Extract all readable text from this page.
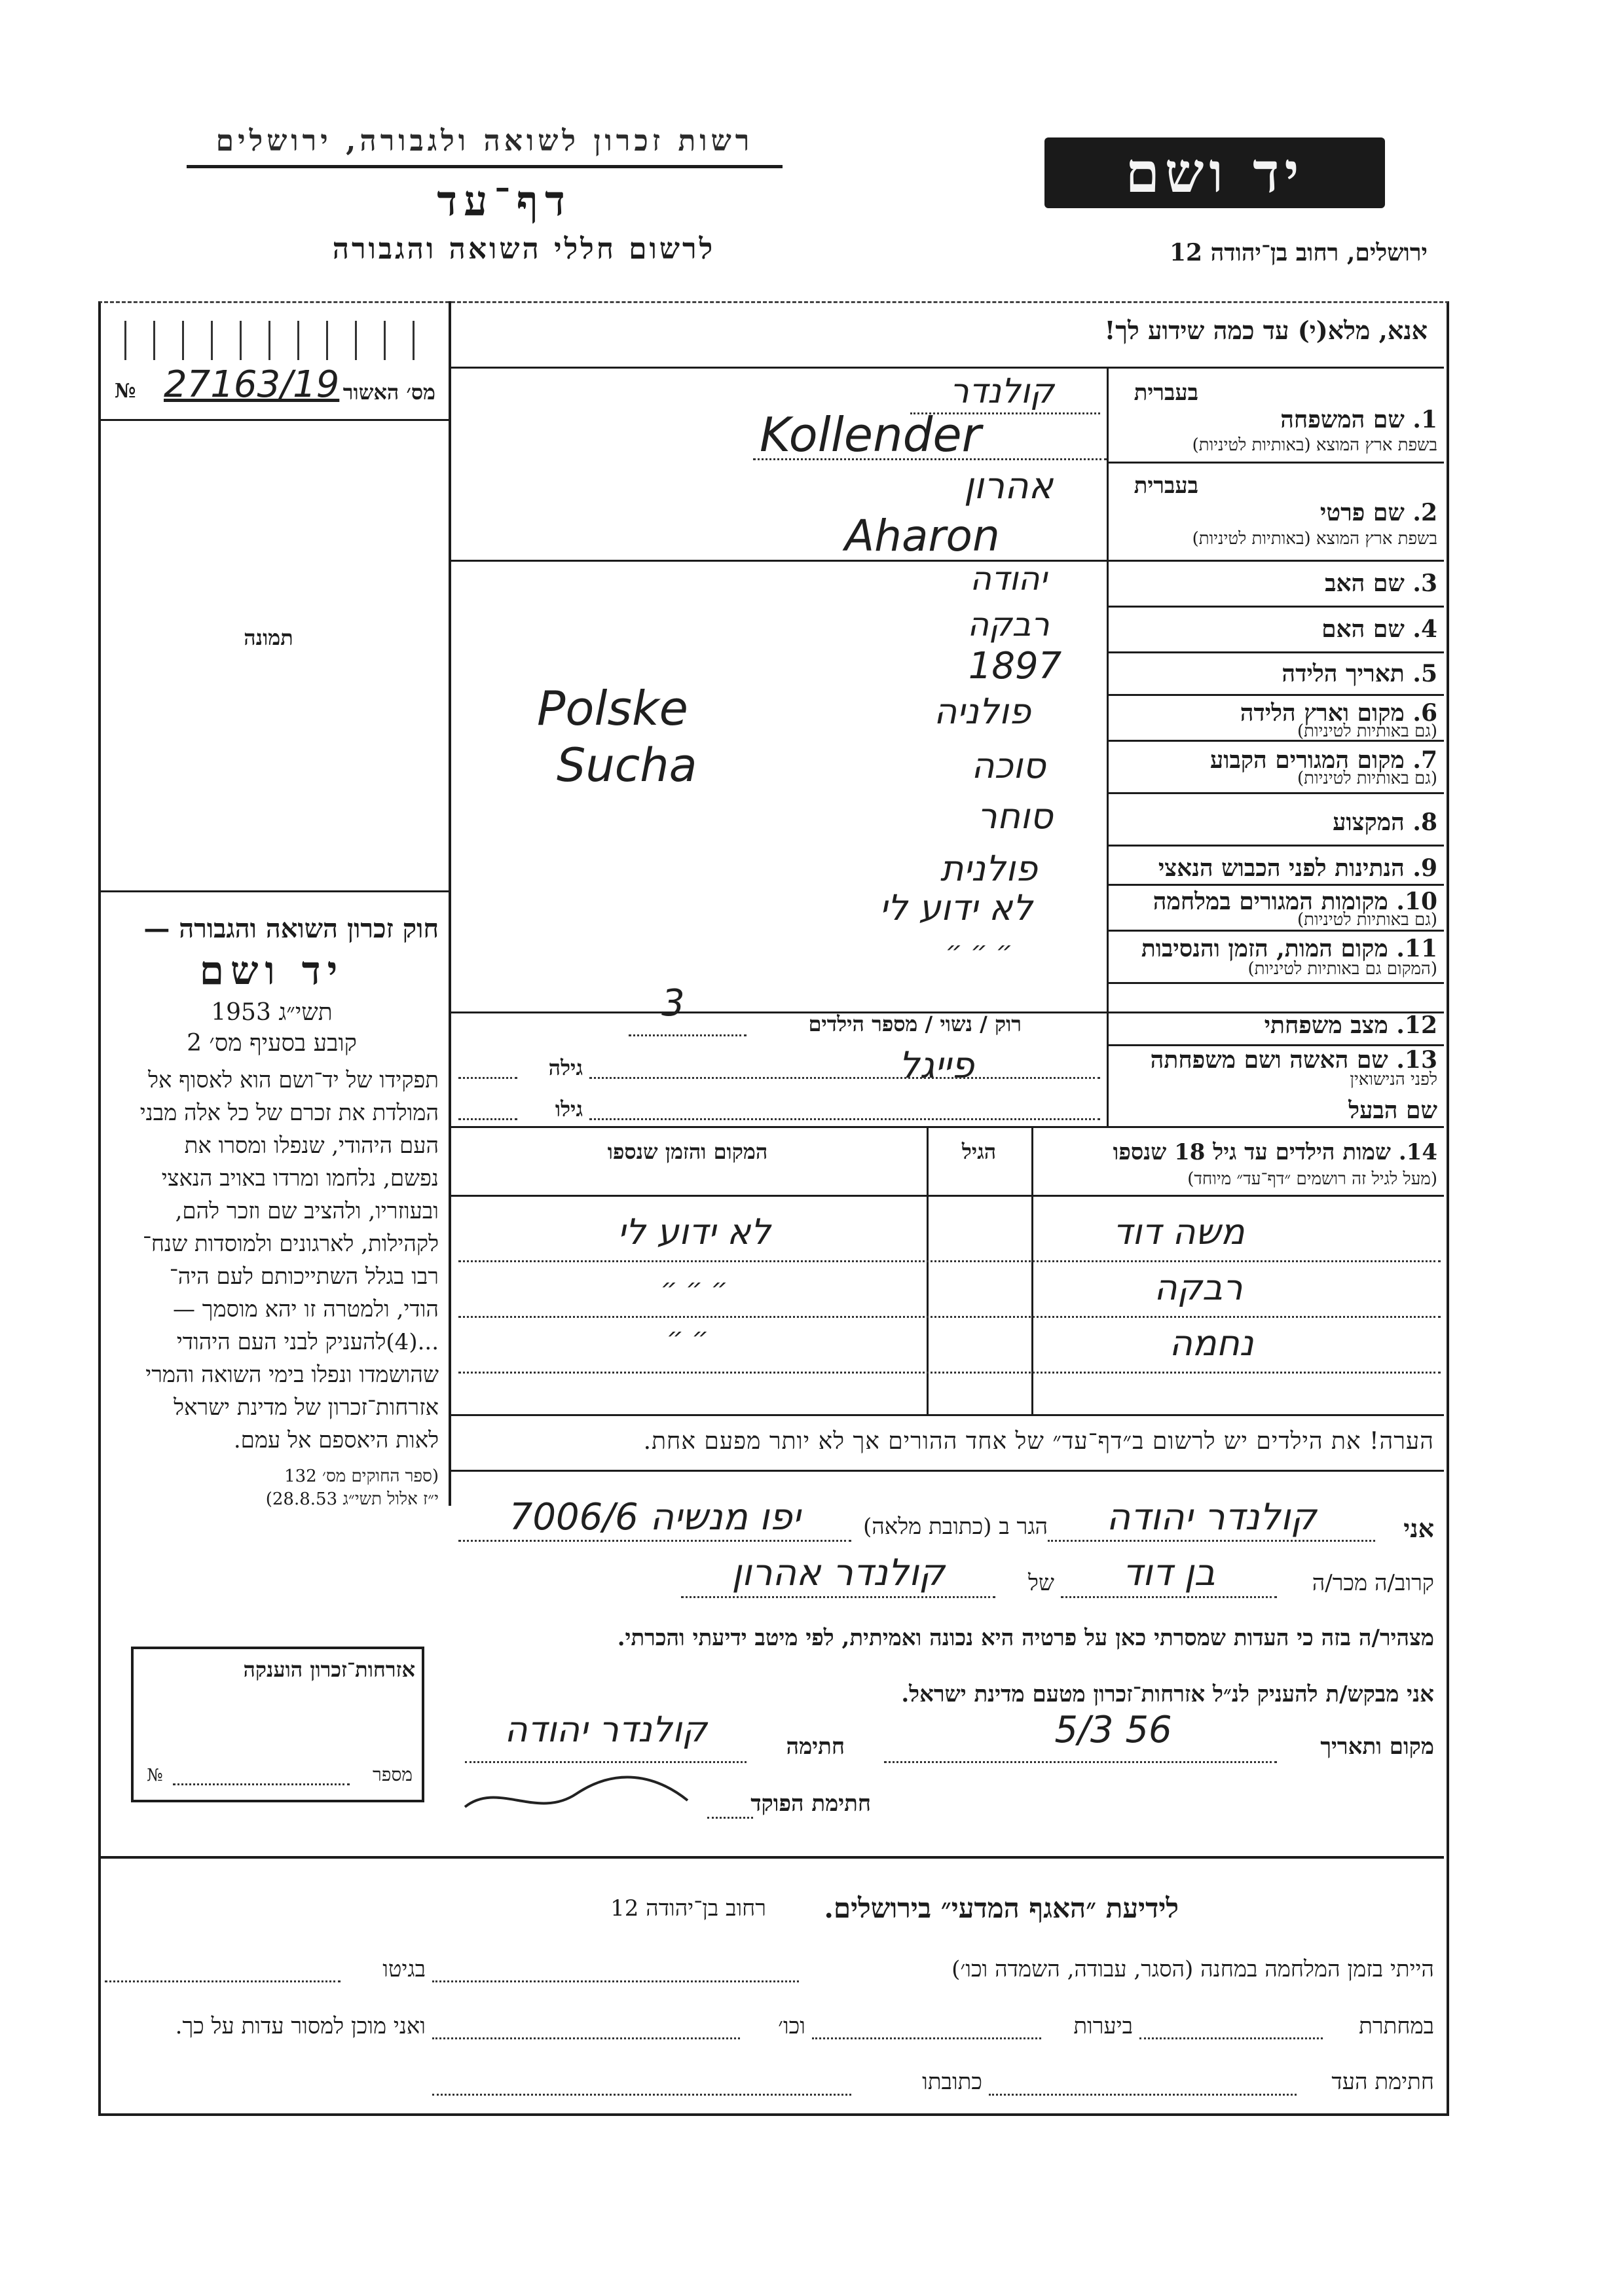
רשות זכרון לשואה ולגבורה, ירושלים	יד ושם
דף־עד
לרשום חללי השואה והגבורה	ירושלים, רחוב בן־יהודה 12
אנא, מלא(י) עד כמה שידוע לך!
מס׳ האשור
№ 27163/19
תמונה
חוק זכרון השואה והגבורה —
יד ושם
תשי״ג 1953
קובע בסעיף מס׳ 2
תפקידו של יד־ושם הוא לאסוף אל
המולדת את זכרם של כל אלה מבני
העם היהודי, שנפלו ומסרו את
נפשם, נלחמו ומרדו באויב הנאצי
ובעוזריו, ולהציב שם וזכר להם,
לקהילות, לארגונים ולמוסדות שנח־
רבו בגלל השתייכותם לעם היה־
הודי, ולמטרה זו יהא מוסמך —
...(4)להעניק לבני העם היהודי
שהושמדו ונפלו בימי השואה והמרי
אזרחות־זכרון של מדינת ישראל
לאות היאספם אל עמם.
(ספר החוקים מס׳ 132
י״ז אלול תשי״ג 28.8.53)
בעברית
1. שם המשפחה
בשפת ארץ המוצא (באותיות לטיניות)
קולנדר
Kollender
בעברית
2. שם פרטי
בשפת ארץ המוצא (באותיות לטיניות)
אהרון
Aharon
3. שם האב
יהודה
4. שם האם
רבקה
5. תאריך הלידה
1897
6. מקום וארץ הלידה
(גם באותיות לטיניות)
פולניה
Polske
7. מקום המגורים הקבוע
(גם באותיות לטיניות)
סוכה
Sucha
8. המקצוע
סוחר
9. הנתינות לפני הכבוש הנאצי
פולנית
10. מקומות המגורים במלחמה
(גם באותיות לטיניות)
לא ידוע לי
11. מקום המות, הזמן והנסיבות
(המקום גם באותיות לטיניות)
״ ״ ״
12. מצב משפחתי
רוק / נשוי / מספר הילדים
3
13. שם האשה ושם משפחתה
לפני הנישואין
פייגל
גילה
שם הבעל
גילו
14. שמות הילדים עד גיל 18 שנספו
(מעל לגיל זה רושמים ״דף־עד״ מיוחד)
הגיל
המקום והזמן שנספו
משה דוד
לא ידוע לי
רבקה
״ ״ ״
נחמה
״ ״
הערה! את הילדים יש לרשום ב״דף־עד״ של אחד ההורים אך לא יותר מפעם אחת.
אני
קולנדר יהודה
הגר ב (כתובת מלאה)
יפו מנשיה 7006/6
קרוב/ה מכר/ה
בן דוד
של
קולנדר אהרון
מצהיר/ה בזה כי העדות שמסרתי כאן על פרטיה היא נכונה ואמיתית, לפי מיטב ידיעתי והכרתי.
אני מבקש/ת להעניק לנ״ל אזרחות־זכרון מטעם מדינת ישראל.
מקום ותאריך
5/3 56
חתימה
קולנדר יהודה
חתימת הפוקד
אזרחות־זכרון הוענקה
מספר
№
לידיעת ״האגף המדעי״ בירושלים.
רחוב בן־יהודה 12
הייתי בזמן המלחמה במחנה (הסגר, עבודה, השמדה וכו׳)
בגיטו
במחתרת
ביערות
וכו׳
ואני מוכן למסור עדות על כך.
חתימת העד
כתובתו
